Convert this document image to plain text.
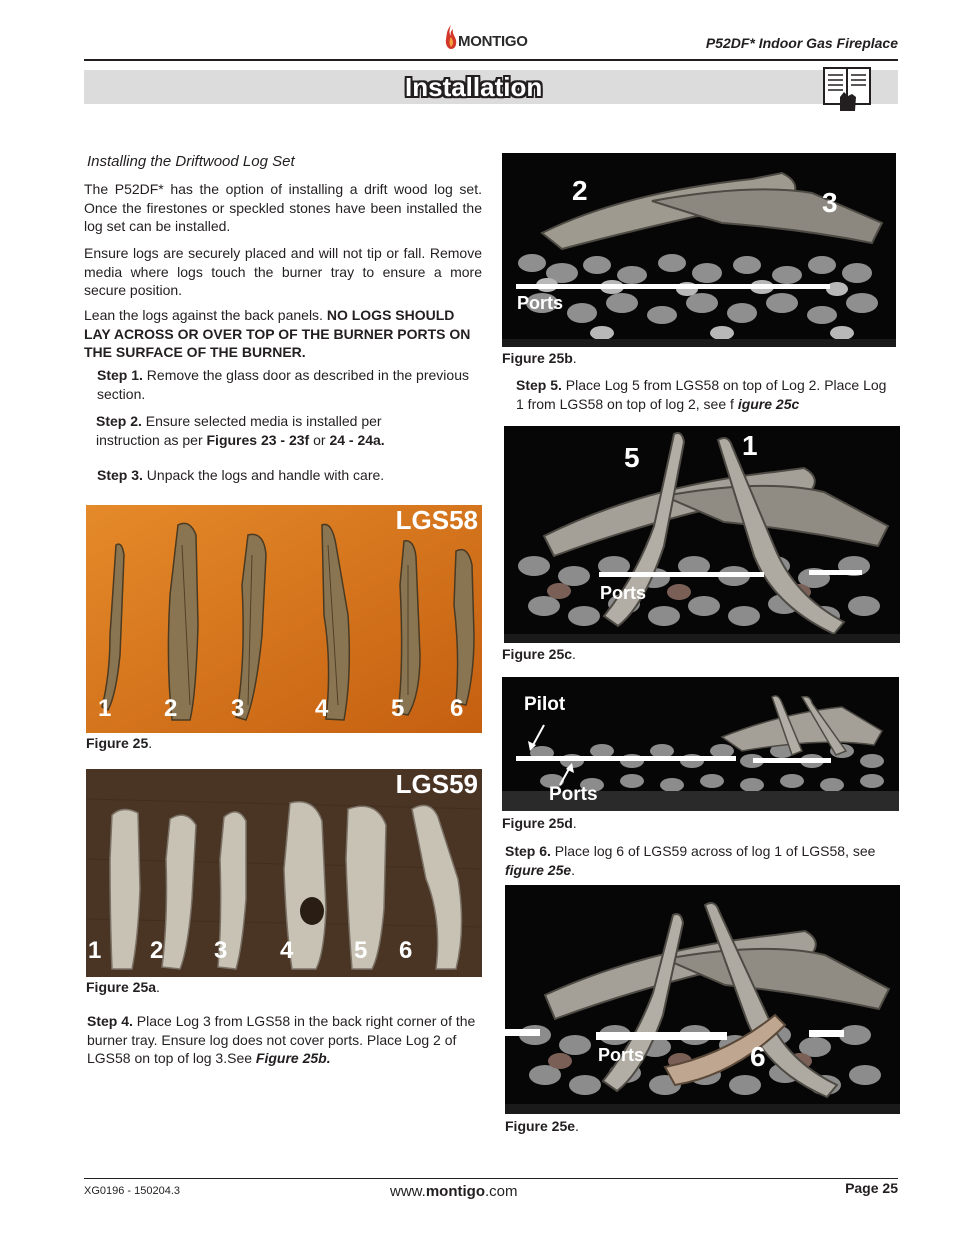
MONTIGO	P52DF* Indoor Gas Fireplace
Installation
Installing the Driftwood Log Set
The P52DF* has the option of installing a drift wood log set. Once the firestones or speckled stones have been installed the log set can be installed.
Ensure logs are securely placed and will not tip or fall. Remove media where logs touch the burner tray to ensure a more secure position.
Lean the logs against the back panels. NO LOGS SHOULD LAY ACROSS OR OVER TOP OF THE BURNER PORTS ON THE SURFACE OF THE BURNER.
Step 1. Remove the glass door as described in the previous section.
Step 2. Ensure selected media is installed per instruction as per Figures 23 - 23f or 24 - 24a.
Step 3. Unpack the logs and handle with care.
LGS58
1 2 3	4	5 6
Figure 25.
LGS59
1 2 3 4	5 6
Figure 25a.
Step 4. Place Log 3 from LGS58 in the back right corner of the burner tray. Ensure log does not cover ports. Place Log 2 of LGS58 on top of log 3.See Figure 25b.
2	3
Ports
Figure 25b.
Step 5. Place Log 5 from LGS58 on top of Log 2. Place Log 1 from LGS58 on top of log 2, see f igure 25c
5	1
Ports
Figure 25c.
Pilot
Ports
Figure 25d.
Step 6. Place log 6 of LGS59 across of log 1 of LGS58, see figure 25e.
Ports	6
Figure 25e.
XG0196 - 150204.3	www.montigo.com	Page 25
